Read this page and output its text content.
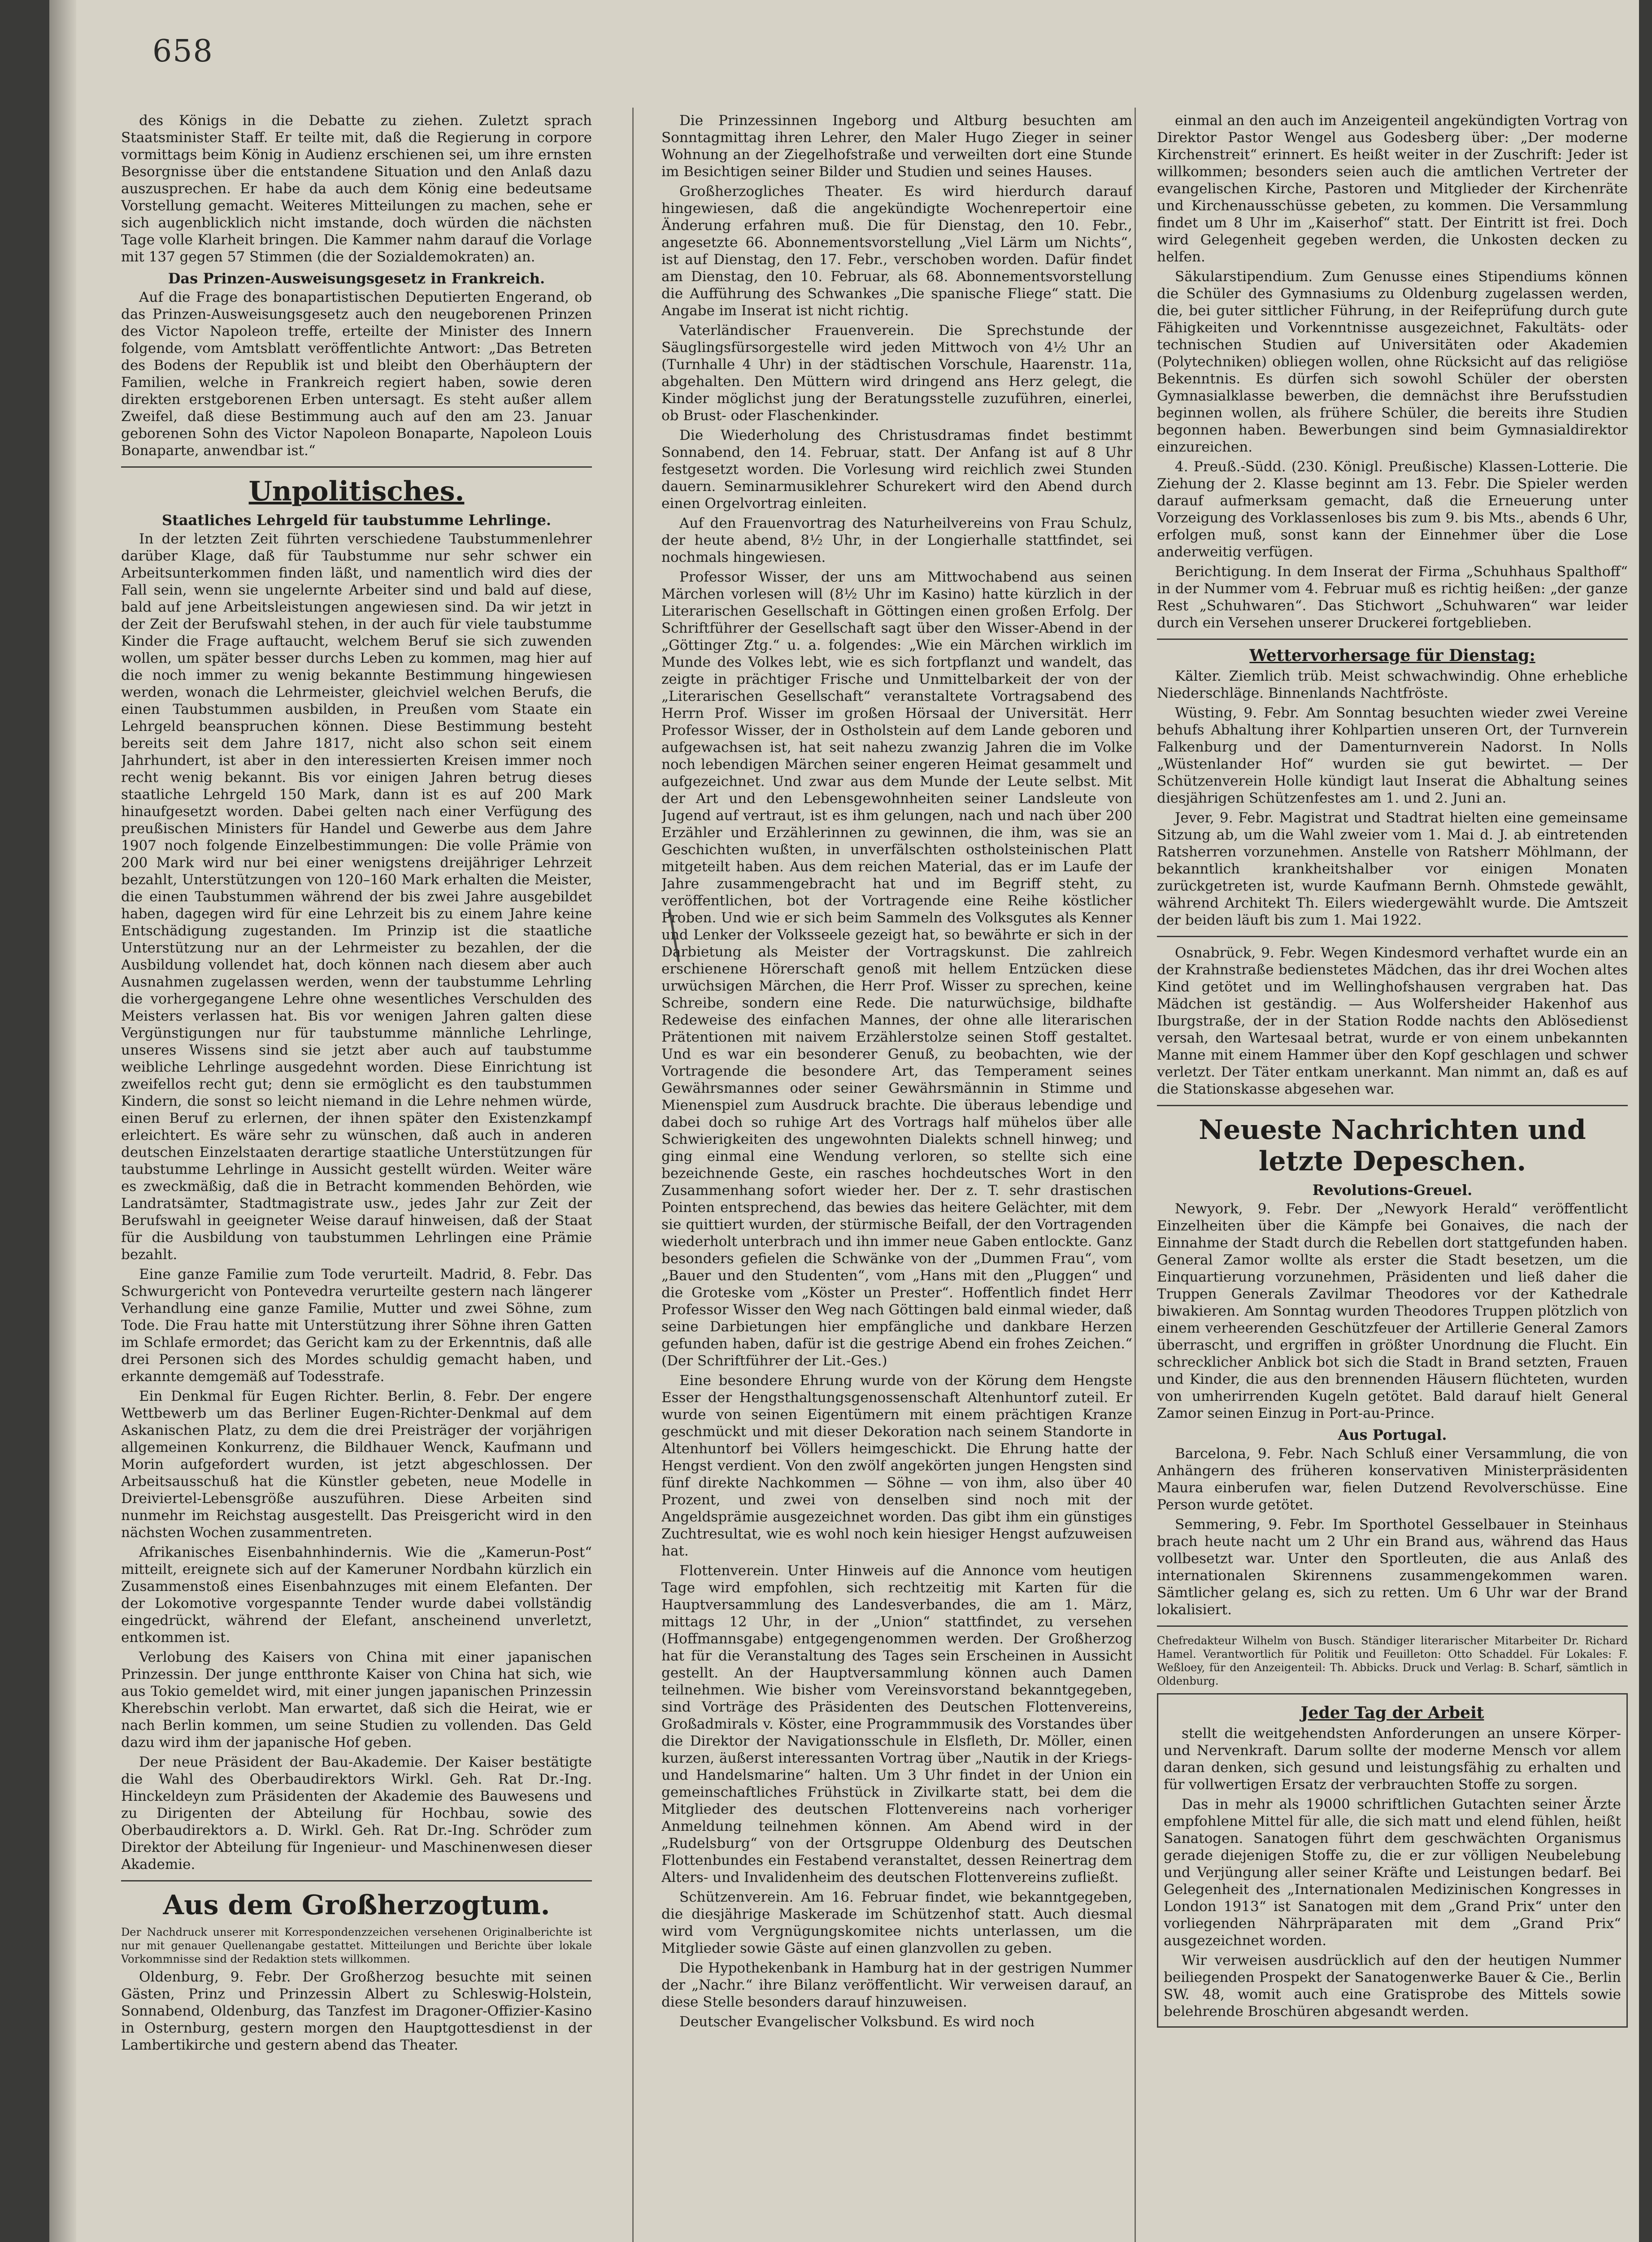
658

des Königs in die Debatte zu ziehen. Zuletzt sprach Staatsminister Staff. Er teilte mit, daß die Regierung in corpore vormittags beim König in Audienz erschienen sei, um ihre ernsten Besorgnisse über die entstandene Situation und den Anlaß dazu auszusprechen. Er habe da auch dem König eine bedeutsame Vorstellung gemacht. Weiteres Mitteilungen zu machen, sehe er sich augenblicklich nicht imstande, doch würden die nächsten Tage volle Klarheit bringen. Die Kammer nahm darauf die Vorlage mit 137 gegen 57 Stimmen (die der Sozialdemokraten) an.

Das Prinzen-Ausweisungsgesetz in Frankreich.

Auf die Frage des bonapartistischen Deputierten Engerand, ob das Prinzen-Ausweisungsgesetz auch den neugeborenen Prinzen des Victor Napoleon treffe, erteilte der Minister des Innern folgende, vom Amtsblatt veröffentlichte Antwort: „Das Betreten des Bodens der Republik ist und bleibt den Oberhäuptern der Familien, welche in Frankreich regiert haben, sowie deren direkten erstgeborenen Erben untersagt. Es steht außer allem Zweifel, daß diese Bestimmung auch auf den am 23. Januar geborenen Sohn des Victor Napoleon Bonaparte, Napoleon Louis Bonaparte, anwendbar ist.“

Unpolitisches.
Staatliches Lehrgeld für taubstumme Lehrlinge.

In der letzten Zeit führten verschiedene Taubstummenlehrer darüber Klage, daß für Taubstumme nur sehr schwer ein Arbeitsunterkommen finden läßt, und namentlich wird dies der Fall sein, wenn sie ungelernte Arbeiter sind und bald auf diese, bald auf jene Arbeitsleistungen angewiesen sind. Da wir jetzt in der Zeit der Berufswahl stehen, in der auch für viele taubstumme Kinder die Frage auftaucht, welchem Beruf sie sich zuwenden wollen, um später besser durchs Leben zu kommen, mag hier auf die noch immer zu wenig bekannte Bestimmung hingewiesen werden, wonach die Lehrmeister, gleichviel welchen Berufs, die einen Taubstummen ausbilden, in Preußen vom Staate ein Lehrgeld beanspruchen können. Diese Bestimmung besteht bereits seit dem Jahre 1817, nicht also schon seit einem Jahrhundert, ist aber in den interessierten Kreisen immer noch recht wenig bekannt. Bis vor einigen Jahren betrug dieses staatliche Lehrgeld 150 Mark, dann ist es auf 200 Mark hinaufgesetzt worden. Dabei gelten nach einer Verfügung des preußischen Ministers für Handel und Gewerbe aus dem Jahre 1907 noch folgende Einzelbestimmungen: Die volle Prämie von 200 Mark wird nur bei einer wenigstens dreijähriger Lehrzeit bezahlt, Unterstützungen von 120–160 Mark erhalten die Meister, die einen Taubstummen während der bis zwei Jahre ausgebildet haben, dagegen wird für eine Lehrzeit bis zu einem Jahre keine Entschädigung zugestanden. Im Prinzip ist die staatliche Unterstützung nur an der Lehrmeister zu bezahlen, der die Ausbildung vollendet hat, doch können nach diesem aber auch Ausnahmen zugelassen werden, wenn der taubstumme Lehrling die vorhergegangene Lehre ohne wesentliches Verschulden des Meisters verlassen hat. Bis vor wenigen Jahren galten diese Vergünstigungen nur für taubstumme männliche Lehrlinge, unseres Wissens sind sie jetzt aber auch auf taubstumme weibliche Lehrlinge ausgedehnt worden. Diese Einrichtung ist zweifellos recht gut; denn sie ermöglicht es den taubstummen Kindern, die sonst so leicht niemand in die Lehre nehmen würde, einen Beruf zu erlernen, der ihnen später den Existenzkampf erleichtert. Es wäre sehr zu wünschen, daß auch in anderen deutschen Einzelstaaten derartige staatliche Unterstützungen für taubstumme Lehrlinge in Aussicht gestellt würden. Weiter wäre es zweckmäßig, daß die in Betracht kommenden Behörden, wie Landratsämter, Stadtmagistrate usw., jedes Jahr zur Zeit der Berufswahl in geeigneter Weise darauf hinweisen, daß der Staat für die Ausbildung von taubstummen Lehrlingen eine Prämie bezahlt.

Eine ganze Familie zum Tode verurteilt. Madrid, 8. Febr. Das Schwurgericht von Pontevedra verurteilte gestern nach längerer Verhandlung eine ganze Familie, Mutter und zwei Söhne, zum Tode. Die Frau hatte mit Unterstützung ihrer Söhne ihren Gatten im Schlafe ermordet; das Gericht kam zu der Erkenntnis, daß alle drei Personen sich des Mordes schuldig gemacht haben, und erkannte demgemäß auf Todesstrafe.

Ein Denkmal für Eugen Richter. Berlin, 8. Febr. Der engere Wettbewerb um das Berliner Eugen-Richter-Denkmal auf dem Askanischen Platz, zu dem die drei Preisträger der vorjährigen allgemeinen Konkurrenz, die Bildhauer Wenck, Kaufmann und Morin aufgefordert wurden, ist jetzt abgeschlossen. Der Arbeitsausschuß hat die Künstler gebeten, neue Modelle in Dreiviertel-Lebensgröße auszuführen. Diese Arbeiten sind nunmehr im Reichstag ausgestellt. Das Preisgericht wird in den nächsten Wochen zusammentreten.

Afrikanisches Eisenbahnhindernis. Wie die „Kamerun-Post“ mitteilt, ereignete sich auf der Kameruner Nordbahn kürzlich ein Zusammenstoß eines Eisenbahnzuges mit einem Elefanten. Der der Lokomotive vorgespannte Tender wurde dabei vollständig eingedrückt, während der Elefant, anscheinend unverletzt, entkommen ist.

Verlobung des Kaisers von China mit einer japanischen Prinzessin. Der junge entthronte Kaiser von China hat sich, wie aus Tokio gemeldet wird, mit einer jungen japanischen Prinzessin Kherebschin verlobt. Man erwartet, daß sich die Heirat, wie er nach Berlin kommen, um seine Studien zu vollenden. Das Geld dazu wird ihm der japanische Hof geben.

Der neue Präsident der Bau-Akademie. Der Kaiser bestätigte die Wahl des Oberbaudirektors Wirkl. Geh. Rat Dr.-Ing. Hinckeldeyn zum Präsidenten der Akademie des Bauwesens und zu Dirigenten der Abteilung für Hochbau, sowie des Oberbaudirektors a. D. Wirkl. Geh. Rat Dr.-Ing. Schröder zum Direktor der Abteilung für Ingenieur- und Maschinenwesen dieser Akademie.

Aus dem Großherzogtum.

Der Nachdruck unserer mit Korrespondenzzeichen versehenen Originalberichte ist nur mit genauer Quellenangabe gestattet. Mitteilungen und Berichte über lokale Vorkommnisse sind der Redaktion stets willkommen.

Oldenburg, 9. Febr. Der Großherzog besuchte mit seinen Gästen, Prinz und Prinzessin Albert zu Schleswig-Holstein, Sonnabend, Oldenburg, das Tanzfest im Dragoner-Offizier-Kasino in Osternburg, gestern morgen den Hauptgottesdienst in der Lambertikirche und gestern abend das Theater.

Die Prinzessinnen Ingeborg und Altburg besuchten am Sonntagmittag ihren Lehrer, den Maler Hugo Zieger in seiner Wohnung an der Ziegelhofstraße und verweilten dort eine Stunde im Besichtigen seiner Bilder und Studien und seines Hauses.

Großherzogliches Theater. Es wird hierdurch darauf hingewiesen, daß die angekündigte Wochenrepertoir eine Änderung erfahren muß. Die für Dienstag, den 10. Febr., angesetzte 66. Abonnementsvorstellung „Viel Lärm um Nichts“, ist auf Dienstag, den 17. Febr., verschoben worden. Dafür findet am Dienstag, den 10. Februar, als 68. Abonnementsvorstellung die Aufführung des Schwankes „Die spanische Fliege“ statt. Die Angabe im Inserat ist nicht richtig.

Vaterländischer Frauenverein. Die Sprechstunde der Säuglingsfürsorgestelle wird jeden Mittwoch von 4½ Uhr an (Turnhalle 4 Uhr) in der städtischen Vorschule, Haarenstr. 11a, abgehalten. Den Müttern wird dringend ans Herz gelegt, die Kinder möglichst jung der Beratungsstelle zuzuführen, einerlei, ob Brust- oder Flaschenkinder.

Die Wiederholung des Christusdramas findet bestimmt Sonnabend, den 14. Februar, statt. Der Anfang ist auf 8 Uhr festgesetzt worden. Die Vorlesung wird reichlich zwei Stunden dauern. Seminarmusiklehrer Schurekert wird den Abend durch einen Orgelvortrag einleiten.

Auf den Frauenvortrag des Naturheilvereins von Frau Schulz, der heute abend, 8½ Uhr, in der Longierhalle stattfindet, sei nochmals hingewiesen.

Professor Wisser, der uns am Mittwochabend aus seinen Märchen vorlesen will (8½ Uhr im Kasino) hatte kürzlich in der Literarischen Gesellschaft in Göttingen einen großen Erfolg. Der Schriftführer der Gesellschaft sagt über den Wisser-Abend in der „Göttinger Ztg.“ u. a. folgendes: „Wie ein Märchen wirklich im Munde des Volkes lebt, wie es sich fortpflanzt und wandelt, das zeigte in prächtiger Frische und Unmittelbarkeit der von der „Literarischen Gesellschaft“ veranstaltete Vortragsabend des Herrn Prof. Wisser im großen Hörsaal der Universität. Herr Professor Wisser, der in Ostholstein auf dem Lande geboren und aufgewachsen ist, hat seit nahezu zwanzig Jahren die im Volke noch lebendigen Märchen seiner engeren Heimat gesammelt und aufgezeichnet. Und zwar aus dem Munde der Leute selbst. Mit der Art und den Lebensgewohnheiten seiner Landsleute von Jugend auf vertraut, ist es ihm gelungen, nach und nach über 200 Erzähler und Erzählerinnen zu gewinnen, die ihm, was sie an Geschichten wußten, in unverfälschten ostholsteinischen Platt mitgeteilt haben. Aus dem reichen Material, das er im Laufe der Jahre zusammengebracht hat und im Begriff steht, zu veröffentlichen, bot der Vortragende eine Reihe köstlicher Proben. Und wie er sich beim Sammeln des Volksgutes als Kenner und Lenker der Volksseele gezeigt hat, so bewährte er sich in der Darbietung als Meister der Vortragskunst. Die zahlreich erschienene Hörerschaft genoß mit hellem Entzücken diese urwüchsigen Märchen, die Herr Prof. Wisser zu sprechen, keine Schreibe, sondern eine Rede. Die naturwüchsige, bildhafte Redeweise des einfachen Mannes, der ohne alle literarischen Prätentionen mit naivem Erzählerstolze seinen Stoff gestaltet. Und es war ein besonderer Genuß, zu beobachten, wie der Vortragende die besondere Art, das Temperament seines Gewährsmannes oder seiner Gewährsmännin in Stimme und Mienenspiel zum Ausdruck brachte. Die überaus lebendige und dabei doch so ruhige Art des Vortrags half mühelos über alle Schwierigkeiten des ungewohnten Dialekts schnell hinweg; und ging einmal eine Wendung verloren, so stellte sich eine bezeichnende Geste, ein rasches hochdeutsches Wort in den Zusammenhang sofort wieder her. Der z. T. sehr drastischen Pointen entsprechend, das bewies das heitere Gelächter, mit dem sie quittiert wurden, der stürmische Beifall, der den Vortragenden wiederholt unterbrach und ihn immer neue Gaben entlockte. Ganz besonders gefielen die Schwänke von der „Dummen Frau“, vom „Bauer und den Studenten“, vom „Hans mit den „Pluggen“ und die Groteske vom „Köster un Prester“. Hoffentlich findet Herr Professor Wisser den Weg nach Göttingen bald einmal wieder, daß seine Darbietungen hier empfängliche und dankbare Herzen gefunden haben, dafür ist die gestrige Abend ein frohes Zeichen.“ (Der Schriftführer der Lit.-Ges.)

Eine besondere Ehrung wurde von der Körung dem Hengste Esser der Hengsthaltungsgenossenschaft Altenhuntorf zuteil. Er wurde von seinen Eigentümern mit einem prächtigen Kranze geschmückt und mit dieser Dekoration nach seinem Standorte in Altenhuntorf bei Völlers heimgeschickt. Die Ehrung hatte der Hengst verdient. Von den zwölf angekörten jungen Hengsten sind fünf direkte Nachkommen — Söhne — von ihm, also über 40 Prozent, und zwei von denselben sind noch mit der Angeldsprämie ausgezeichnet worden. Das gibt ihm ein günstiges Zuchtresultat, wie es wohl noch kein hiesiger Hengst aufzuweisen hat.

Flottenverein. Unter Hinweis auf die Annonce vom heutigen Tage wird empfohlen, sich rechtzeitig mit Karten für die Hauptversammlung des Landesverbandes, die am 1. März, mittags 12 Uhr, in der „Union“ stattfindet, zu versehen (Hoffmannsgabe) entgegengenommen werden. Der Großherzog hat für die Veranstaltung des Tages sein Erscheinen in Aussicht gestellt. An der Hauptversammlung können auch Damen teilnehmen. Wie bisher vom Vereinsvorstand bekanntgegeben, sind Vorträge des Präsidenten des Deutschen Flottenvereins, Großadmirals v. Köster, eine Programmmusik des Vorstandes über die Direktor der Navigationsschule in Elsfleth, Dr. Möller, einen kurzen, äußerst interessanten Vortrag über „Nautik in der Kriegs- und Handelsmarine“ halten. Um 3 Uhr findet in der Union ein gemeinschaftliches Frühstück in Zivilkarte statt, bei dem die Mitglieder des deutschen Flottenvereins nach vorheriger Anmeldung teilnehmen können. Am Abend wird in der „Rudelsburg“ von der Ortsgruppe Oldenburg des Deutschen Flottenbundes ein Festabend veranstaltet, dessen Reinertrag dem Alters- und Invalidenheim des deutschen Flottenvereins zufließt.

Schützenverein. Am 16. Februar findet, wie bekanntgegeben, die diesjährige Maskerade im Schützenhof statt. Auch diesmal wird vom Vergnügungskomitee nichts unterlassen, um die Mitglieder sowie Gäste auf einen glanzvollen zu geben.

Die Hypothekenbank in Hamburg hat in der gestrigen Nummer der „Nachr.“ ihre Bilanz veröffentlicht. Wir verweisen darauf, an diese Stelle besonders darauf hinzuweisen.

Deutscher Evangelischer Volksbund. Es wird noch

einmal an den auch im Anzeigenteil angekündigten Vortrag von Direktor Pastor Wengel aus Godesberg über: „Der moderne Kirchenstreit“ erinnert. Es heißt weiter in der Zuschrift: Jeder ist willkommen; besonders seien auch die amtlichen Vertreter der evangelischen Kirche, Pastoren und Mitglieder der Kirchenräte und Kirchenausschüsse gebeten, zu kommen. Die Versammlung findet um 8 Uhr im „Kaiserhof“ statt. Der Eintritt ist frei. Doch wird Gelegenheit gegeben werden, die Unkosten decken zu helfen.

Säkularstipendium. Zum Genusse eines Stipendiums können die Schüler des Gymnasiums zu Oldenburg zugelassen werden, die, bei guter sittlicher Führung, in der Reifeprüfung durch gute Fähigkeiten und Vorkenntnisse ausgezeichnet, Fakultäts- oder technischen Studien auf Universitäten oder Akademien (Polytechniken) obliegen wollen, ohne Rücksicht auf das religiöse Bekenntnis. Es dürfen sich sowohl Schüler der obersten Gymnasialklasse bewerben, die demnächst ihre Berufsstudien beginnen wollen, als frühere Schüler, die bereits ihre Studien begonnen haben. Bewerbungen sind beim Gymnasialdirektor einzureichen.

4. Preuß.-Südd. (230. Königl. Preußische) Klassen-Lotterie. Die Ziehung der 2. Klasse beginnt am 13. Febr. Die Spieler werden darauf aufmerksam gemacht, daß die Erneuerung unter Vorzeigung des Vorklassenloses bis zum 9. bis Mts., abends 6 Uhr, erfolgen muß, sonst kann der Einnehmer über die Lose anderweitig verfügen.

Berichtigung. In dem Inserat der Firma „Schuhhaus Spalthoff“ in der Nummer vom 4. Februar muß es richtig heißen: „der ganze Rest „Schuhwaren“. Das Stichwort „Schuhwaren“ war leider durch ein Versehen unserer Druckerei fortgeblieben.

Wettervorhersage für Dienstag:

Kälter. Ziemlich trüb. Meist schwachwindig. Ohne erhebliche Niederschläge. Binnenlands Nachtfröste.

Wüsting, 9. Febr. Am Sonntag besuchten wieder zwei Vereine behufs Abhaltung ihrer Kohlpartien unseren Ort, der Turnverein Falkenburg und der Damenturnverein Nadorst. In Nolls „Wüstenlander Hof“ wurden sie gut bewirtet. — Der Schützenverein Holle kündigt laut Inserat die Abhaltung seines diesjährigen Schützenfestes am 1. und 2. Juni an.

Jever, 9. Febr. Magistrat und Stadtrat hielten eine gemeinsame Sitzung ab, um die Wahl zweier vom 1. Mai d. J. ab eintretenden Ratsherren vorzunehmen. Anstelle von Ratsherr Möhlmann, der bekanntlich krankheitshalber vor einigen Monaten zurückgetreten ist, wurde Kaufmann Bernh. Ohmstede gewählt, während Architekt Th. Eilers wiedergewählt wurde. Die Amtszeit der beiden läuft bis zum 1. Mai 1922.

Osnabrück, 9. Febr. Wegen Kindesmord verhaftet wurde ein an der Krahnstraße bedienstetes Mädchen, das ihr drei Wochen altes Kind getötet und im Wellinghofshausen vergraben hat. Das Mädchen ist geständig. — Aus Wolfersheider Hakenhof aus Iburgstraße, der in der Station Rodde nachts den Ablösedienst versah, den Wartesaal betrat, wurde er von einem unbekannten Manne mit einem Hammer über den Kopf geschlagen und schwer verletzt. Der Täter entkam unerkannt. Man nimmt an, daß es auf die Stationskasse abgesehen war.

Neueste Nachrichten und letzte Depeschen.
Revolutions-Greuel.

Newyork, 9. Febr. Der „Newyork Herald“ veröffentlicht Einzelheiten über die Kämpfe bei Gonaives, die nach der Einnahme der Stadt durch die Rebellen dort stattgefunden haben. General Zamor wollte als erster die Stadt besetzen, um die Einquartierung vorzunehmen, Präsidenten und ließ daher die Truppen Generals Zavilmar Theodores vor der Kathedrale biwakieren. Am Sonntag wurden Theodores Truppen plötzlich von einem verheerenden Geschützfeuer der Artillerie General Zamors überrascht, und ergriffen in größter Unordnung die Flucht. Ein schrecklicher Anblick bot sich die Stadt in Brand setzten, Frauen und Kinder, die aus den brennenden Häusern flüchteten, wurden von umherirrenden Kugeln getötet. Bald darauf hielt General Zamor seinen Einzug in Port-au-Prince.

Aus Portugal.

Barcelona, 9. Febr. Nach Schluß einer Versammlung, die von Anhängern des früheren konservativen Ministerpräsidenten Maura einberufen war, fielen Dutzend Revolverschüsse. Eine Person wurde getötet.

Semmering, 9. Febr. Im Sporthotel Gesselbauer in Steinhaus brach heute nacht um 2 Uhr ein Brand aus, während das Haus vollbesetzt war. Unter den Sportleuten, die aus Anlaß des internationalen Skirennens zusammengekommen waren. Sämtlicher gelang es, sich zu retten. Um 6 Uhr war der Brand lokalisiert.

Chefredakteur Wilhelm von Busch. Ständiger literarischer Mitarbeiter Dr. Richard Hamel. Verantwortlich für Politik und Feuilleton: Otto Schaddel. Für Lokales: F. Weßloey, für den Anzeigenteil: Th. Abbicks. Druck und Verlag: B. Scharf, sämtlich in Oldenburg.

Jeder Tag der Arbeit

stellt die weitgehendsten Anforderungen an unsere Körper- und Nervenkraft. Darum sollte der moderne Mensch vor allem daran denken, sich gesund und leistungsfähig zu erhalten und für vollwertigen Ersatz der verbrauchten Stoffe zu sorgen.

Das in mehr als 19000 schriftlichen Gutachten seiner Ärzte empfohlene Mittel für alle, die sich matt und elend fühlen, heißt Sanatogen. Sanatogen führt dem geschwächten Organismus gerade diejenigen Stoffe zu, die er zur völligen Neubelebung und Verjüngung aller seiner Kräfte und Leistungen bedarf. Bei Gelegenheit des „Internationalen Medizinischen Kongresses in London 1913“ ist Sanatogen mit dem „Grand Prix“ unter den vorliegenden Nährpräparaten mit dem „Grand Prix“ ausgezeichnet worden.

Wir verweisen ausdrücklich auf den der heutigen Nummer beiliegenden Prospekt der Sanatogenwerke Bauer & Cie., Berlin SW. 48, womit auch eine Gratisprobe des Mittels sowie belehrende Broschüren abgesandt werden.
